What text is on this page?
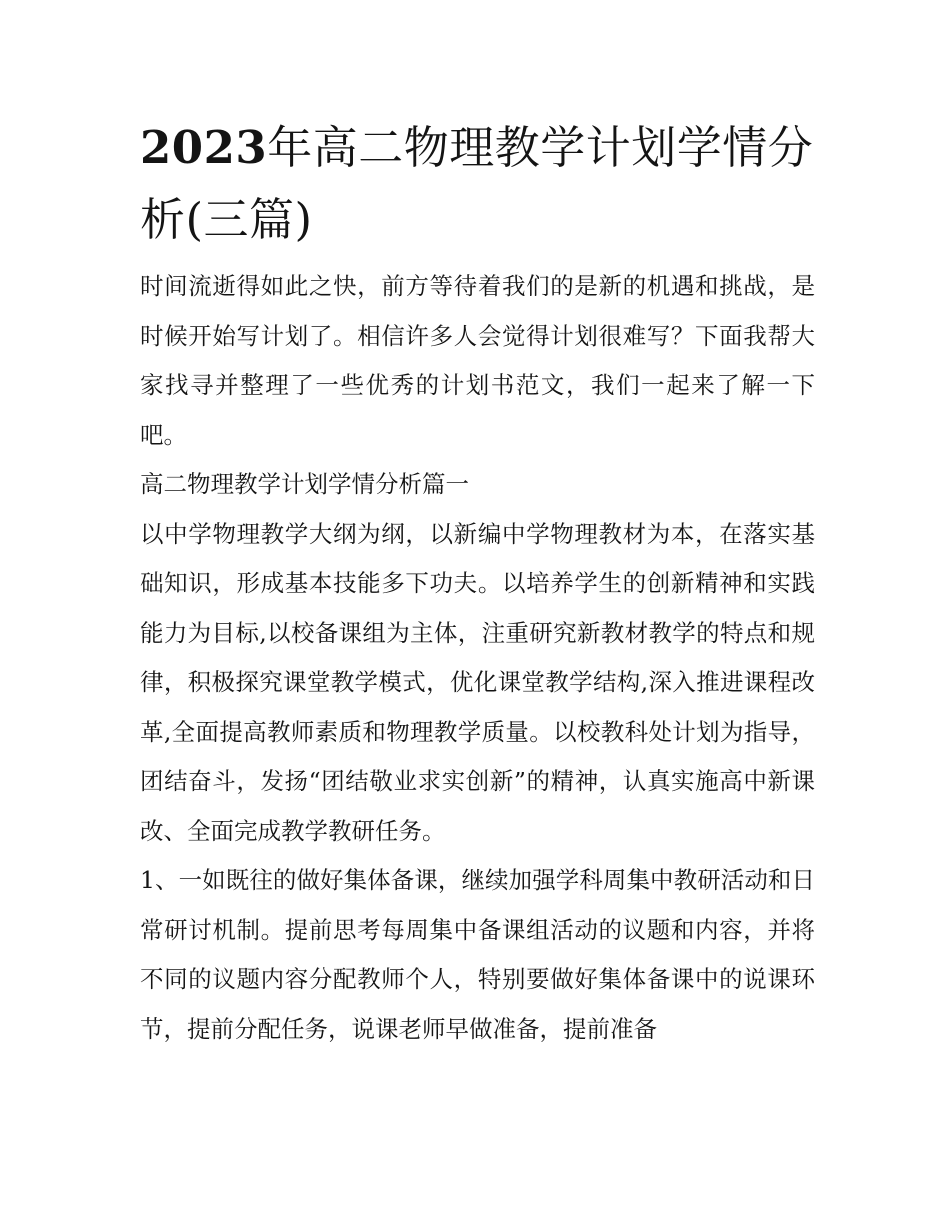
2023年高二物理教学计划学情分析(三篇)

时间流逝得如此之快，前方等待着我们的是新的机遇和挑战，是时候开始写计划了。相信许多人会觉得计划很难写？下面我帮大家找寻并整理了一些优秀的计划书范文，我们一起来了解一下吧。

高二物理教学计划学情分析篇一

以中学物理教学大纲为纲，以新编中学物理教材为本，在落实基础知识，形成基本技能多下功夫。以培养学生的创新精神和实践能力为目标,以校备课组为主体，注重研究新教材教学的特点和规律，积极探究课堂教学模式，优化课堂教学结构,深入推进课程改革,全面提高教师素质和物理教学质量。以校教科处计划为指导，团结奋斗，发扬“团结敬业求实创新”的精神，认真实施高中新课改、全面完成教学教研任务。

1、一如既往的做好集体备课，继续加强学科周集中教研活动和日常研讨机制。提前思考每周集中备课组活动的议题和内容，并将不同的议题内容分配教师个人，特别要做好集体备课中的说课环节，提前分配任务，说课老师早做准备，提前准备
